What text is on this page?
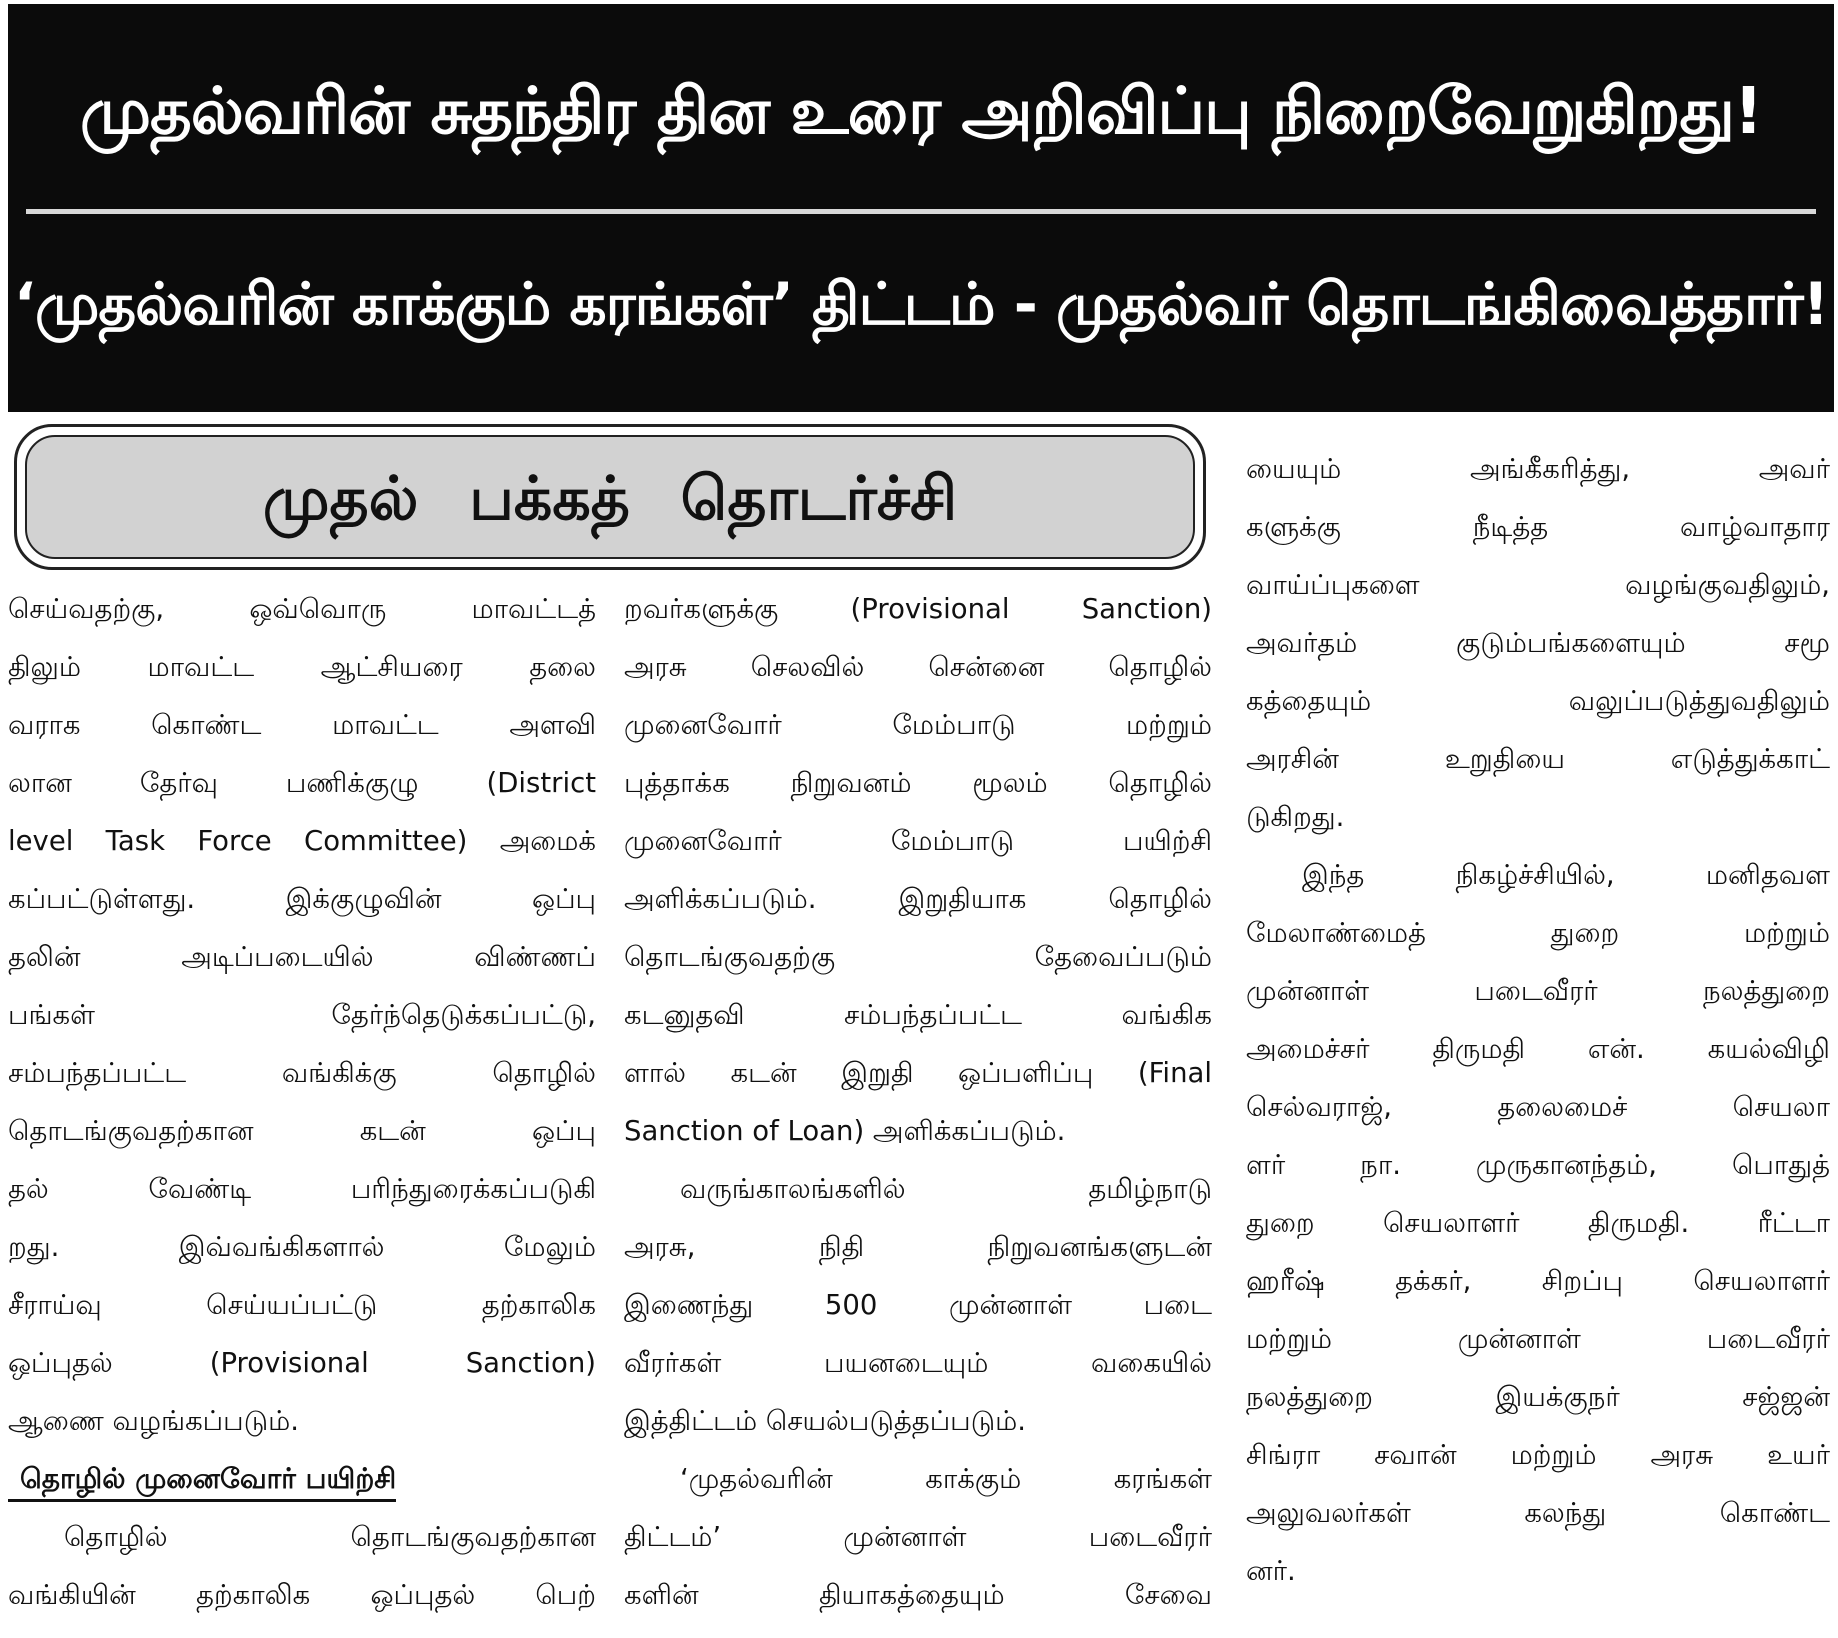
முதல்வரின் சுதந்திர தின உரை அறிவிப்பு நிறைவேறுகிறது!
‘முதல்வரின் காக்கும் கரங்கள்’ திட்டம் - முதல்வர் தொடங்கிவைத்தார்!
முதல் பக்கத் தொடர்ச்சி
செய்வதற்கு, ஒவ்வொரு மாவட்டத்
திலும் மாவட்ட ஆட்சியரை தலை
வராக கொண்ட மாவட்ட அளவி
லான தேர்வு பணிக்குழு (District
level Task Force Committee) அமைக்
கப்பட்டுள்ளது. இக்குழுவின் ஒப்பு
தலின் அடிப்படையில் விண்ணப்
பங்கள் தேர்ந்தெடுக்கப்பட்டு,
சம்பந்தப்பட்ட வங்கிக்கு தொழில்
தொடங்குவதற்கான கடன் ஒப்பு
தல் வேண்டி பரிந்துரைக்கப்படுகி
றது. இவ்வங்கிகளால் மேலும்
சீராய்வு செய்யப்பட்டு தற்காலிக
ஒப்புதல் (Provisional Sanction)
ஆணை வழங்கப்படும்.
தொழில் முனைவோர் பயிற்சி
தொழில் தொடங்குவதற்கான
வங்கியின் தற்காலிக ஒப்புதல் பெற்
றவர்களுக்கு (Provisional Sanction)
அரசு செலவில் சென்னை தொழில்
முனைவோர் மேம்பாடு மற்றும்
புத்தாக்க நிறுவனம் மூலம் தொழில்
முனைவோர் மேம்பாடு பயிற்சி
அளிக்கப்படும். இறுதியாக தொழில்
தொடங்குவதற்கு தேவைப்படும்
கடனுதவி சம்பந்தப்பட்ட வங்கிக
ளால் கடன் இறுதி ஒப்பளிப்பு (Final
Sanction of Loan) அளிக்கப்படும்.
வருங்காலங்களில் தமிழ்நாடு
அரசு, நிதி நிறுவனங்களுடன்
இணைந்து 500 முன்னாள் படை
வீரர்கள் பயனடையும் வகையில்
இத்திட்டம் செயல்படுத்தப்படும்.
‘முதல்வரின் காக்கும் கரங்கள்
திட்டம்’ முன்னாள் படைவீரர்
களின் தியாகத்தையும் சேவை
யையும் அங்கீகரித்து, அவர்
களுக்கு நீடித்த வாழ்வாதார
வாய்ப்புகளை வழங்குவதிலும்,
அவர்தம் குடும்பங்களையும் சமூ
கத்தையும் வலுப்படுத்துவதிலும்
அரசின் உறுதியை எடுத்துக்காட்
டுகிறது.
இந்த நிகழ்ச்சியில், மனிதவள
மேலாண்மைத் துறை மற்றும்
முன்னாள் படைவீரர் நலத்துறை
அமைச்சர் திருமதி என். கயல்விழி
செல்வராஜ், தலைமைச் செயலா
ளர் நா. முருகானந்தம், பொதுத்
துறை செயலாளர் திருமதி. ரீட்டா
ஹரீஷ் தக்கர், சிறப்பு செயலாளர்
மற்றும் முன்னாள் படைவீரர்
நலத்துறை இயக்குநர் சஜ்ஜன்
சிங்ரா சவான் மற்றும் அரசு உயர்
அலுவலர்கள் கலந்து கொண்ட
னர்.
